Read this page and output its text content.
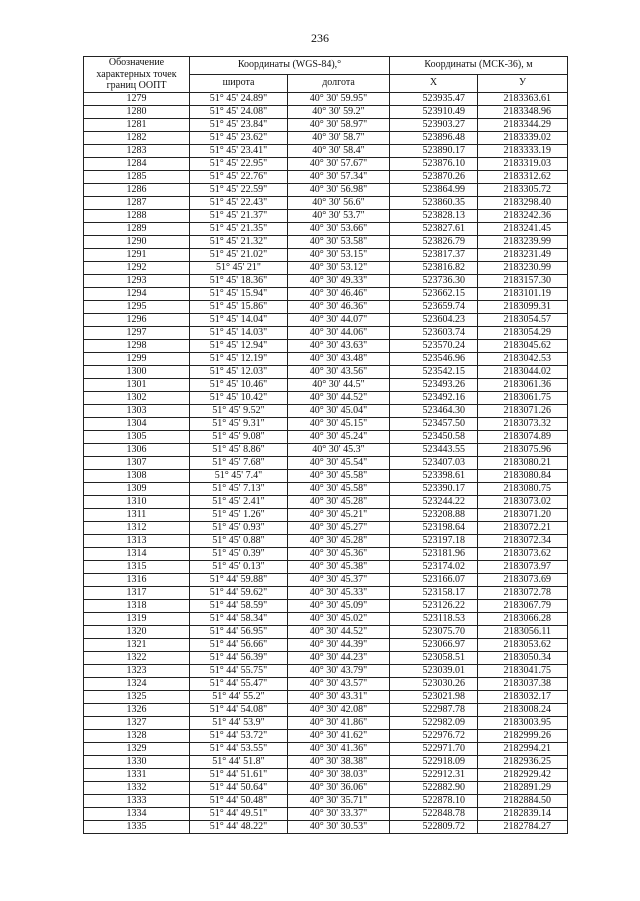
236
Обозначение характерных точек границ ООПТ	Координаты (WGS-84),°		Координаты (МСК-36), м	
	широта	долгота	X	У
1279	51° 45' 24.89"	40° 30' 59.95"	523935.47	2183363.61
1280	51° 45' 24.08"	40° 30' 59.2"	523910.49	2183348.96
1281	51° 45' 23.84"	40° 30' 58.97"	523903.27	2183344.29
1282	51° 45' 23.62"	40° 30' 58.7"	523896.48	2183339.02
1283	51° 45' 23.41"	40° 30' 58.4"	523890.17	2183333.19
1284	51° 45' 22.95"	40° 30' 57.67"	523876.10	2183319.03
1285	51° 45' 22.76"	40° 30' 57.34"	523870.26	2183312.62
1286	51° 45' 22.59"	40° 30' 56.98"	523864.99	2183305.72
1287	51° 45' 22.43"	40° 30' 56.6"	523860.35	2183298.40
1288	51° 45' 21.37"	40° 30' 53.7"	523828.13	2183242.36
1289	51° 45' 21.35"	40° 30' 53.66"	523827.61	2183241.45
1290	51° 45' 21.32"	40° 30' 53.58"	523826.79	2183239.99
1291	51° 45' 21.02"	40° 30' 53.15"	523817.37	2183231.49
1292	51° 45' 21"	40° 30' 53.12"	523816.82	2183230.99
1293	51° 45' 18.36"	40° 30' 49.33"	523736.30	2183157.30
1294	51° 45' 15.94"	40° 30' 46.46"	523662.15	2183101.19
1295	51° 45' 15.86"	40° 30' 46.36"	523659.74	2183099.31
1296	51° 45' 14.04"	40° 30' 44.07"	523604.23	2183054.57
1297	51° 45' 14.03"	40° 30' 44.06"	523603.74	2183054.29
1298	51° 45' 12.94"	40° 30' 43.63"	523570.24	2183045.62
1299	51° 45' 12.19"	40° 30' 43.48"	523546.96	2183042.53
1300	51° 45' 12.03"	40° 30' 43.56"	523542.15	2183044.02
1301	51° 45' 10.46"	40° 30' 44.5"	523493.26	2183061.36
1302	51° 45' 10.42"	40° 30' 44.52"	523492.16	2183061.75
1303	51° 45' 9.52"	40° 30' 45.04"	523464.30	2183071.26
1304	51° 45' 9.31"	40° 30' 45.15"	523457.50	2183073.32
1305	51° 45' 9.08"	40° 30' 45.24"	523450.58	2183074.89
1306	51° 45' 8.86"	40° 30' 45.3"	523443.55	2183075.96
1307	51° 45' 7.68"	40° 30' 45.54"	523407.03	2183080.21
1308	51° 45' 7.4"	40° 30' 45.58"	523398.61	2183080.84
1309	51° 45' 7.13"	40° 30' 45.58"	523390.17	2183080.75
1310	51° 45' 2.41"	40° 30' 45.28"	523244.22	2183073.02
1311	51° 45' 1.26"	40° 30' 45.21"	523208.88	2183071.20
1312	51° 45' 0.93"	40° 30' 45.27"	523198.64	2183072.21
1313	51° 45' 0.88"	40° 30' 45.28"	523197.18	2183072.34
1314	51° 45' 0.39"	40° 30' 45.36"	523181.96	2183073.62
1315	51° 45' 0.13"	40° 30' 45.38"	523174.02	2183073.97
1316	51° 44' 59.88"	40° 30' 45.37"	523166.07	2183073.69
1317	51° 44' 59.62"	40° 30' 45.33"	523158.17	2183072.78
1318	51° 44' 58.59"	40° 30' 45.09"	523126.22	2183067.79
1319	51° 44' 58.34"	40° 30' 45.02"	523118.53	2183066.28
1320	51° 44' 56.95"	40° 30' 44.52"	523075.70	2183056.11
1321	51° 44' 56.66"	40° 30' 44.39"	523066.97	2183053.62
1322	51° 44' 56.39"	40° 30' 44.23"	523058.51	2183050.34
1323	51° 44' 55.75"	40° 30' 43.79"	523039.01	2183041.75
1324	51° 44' 55.47"	40° 30' 43.57"	523030.26	2183037.38
1325	51° 44' 55.2"	40° 30' 43.31"	523021.98	2183032.17
1326	51° 44' 54.08"	40° 30' 42.08"	522987.78	2183008.24
1327	51° 44' 53.9"	40° 30' 41.86"	522982.09	2183003.95
1328	51° 44' 53.72"	40° 30' 41.62"	522976.72	2182999.26
1329	51° 44' 53.55"	40° 30' 41.36"	522971.70	2182994.21
1330	51° 44' 51.8"	40° 30' 38.38"	522918.09	2182936.25
1331	51° 44' 51.61"	40° 30' 38.03"	522912.31	2182929.42
1332	51° 44' 50.64"	40° 30' 36.06"	522882.90	2182891.29
1333	51° 44' 50.48"	40° 30' 35.71"	522878.10	2182884.50
1334	51° 44' 49.51"	40° 30' 33.37"	522848.78	2182839.14
1335	51° 44' 48.22"	40° 30' 30.53"	522809.72	2182784.27
